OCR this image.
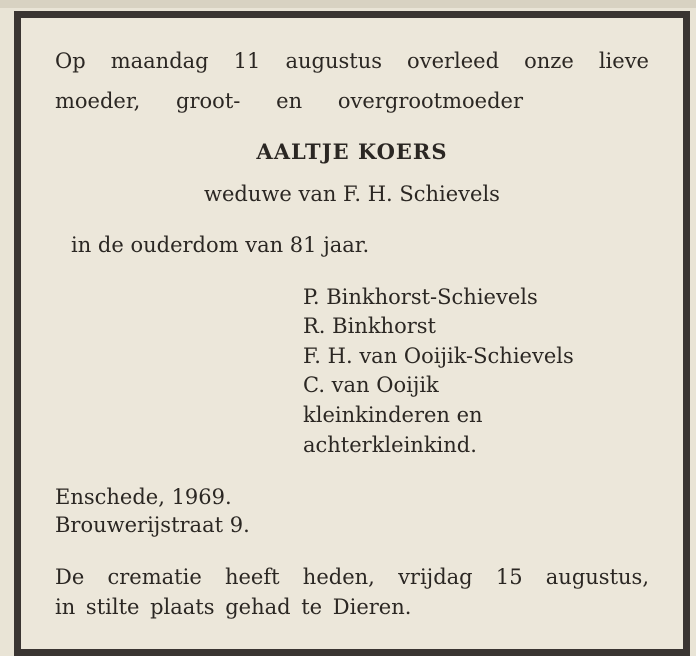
Op maandag 11 augustus overleed onze lieve
moeder, groot- en overgrootmoeder
AALTJE KOERS
weduwe van F. H. Schievels
in de ouderdom van 81 jaar.
P. Binkhorst-Schievels
R. Binkhorst
F. H. van Ooijik-Schievels
C. van Ooijik
kleinkinderen en
achterkleinkind.
Enschede, 1969.
Brouwerijstraat 9.
De crematie heeft heden, vrijdag 15 augustus,
in stilte plaats gehad te Dieren.
